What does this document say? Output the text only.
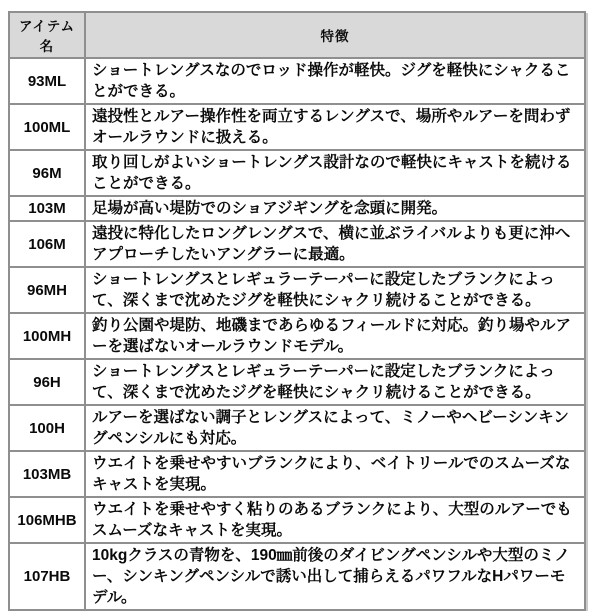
アイテム名	特徴
93ML	ショートレングスなのでロッド操作が軽快。ジグを軽快にシャクることができる。
100ML	遠投性とルアー操作性を両立するレングスで、場所やルアーを問わずオールラウンドに扱える。
96M	取り回しがよいショートレングス設計なので軽快にキャストを続けることができる。
103M	足場が高い堤防でのショアジギングを念頭に開発。
106M	遠投に特化したロングレングスで、横に並ぶライバルよりも更に沖へアプローチしたいアングラーに最適。
96MH	ショートレングスとレギュラーテーパーに設定したブランクによって、深くまで沈めたジグを軽快にシャクリ続けることができる。
100MH	釣り公園や堤防、地磯まであらゆるフィールドに対応。釣り場やルアーを選ばないオールラウンドモデル。
96H	ショートレングスとレギュラーテーパーに設定したブランクによって、深くまで沈めたジグを軽快にシャクリ続けることができる。
100H	ルアーを選ばない調子とレングスによって、ミノーやヘビーシンキングペンシルにも対応。
103MB	ウエイトを乗せやすいブランクにより、ベイトリールでのスムーズなキャストを実現。
106MHB	ウエイトを乗せやすく粘りのあるブランクにより、大型のルアーでもスムーズなキャストを実現。
107HB	10kgクラスの青物を、190㎜前後のダイビングペンシルや大型のミノー、シンキングペンシルで誘い出して捕らえるパワフルなHパワーモデル。
